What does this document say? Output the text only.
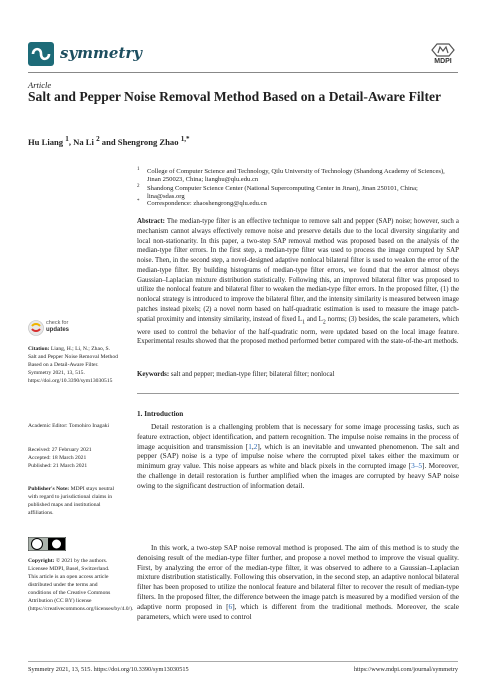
symmetry	MDPI
Article
Salt and Pepper Noise Removal Method Based on a Detail-Aware Filter
Hu Liang $^1$, Na Li $^2$ and Shengrong Zhao $^{1,*}$
1	College of Computer Science and Technology, Qilu University of Technology (Shandong Academy of Sciences), Jinan 250023, China; lianghu@qlu.edu.cn
2	Shandong Computer Science Center (National Supercomputing Center in Jinan), Jinan 250101, China; lina@sdas.org
*	Correspondence: zhaoshengrong@qlu.edu.cn
Abstract: The median-type filter is an effective technique to remove salt and pepper (SAP) noise; however, such a mechanism cannot always effectively remove noise and preserve details due to the local diversity singularity and local non-stationarity. In this paper, a two-step SAP removal method was proposed based on the analysis of the median-type filter errors. In the first step, a median-type filter was used to process the image corrupted by SAP noise. Then, in the second step, a novel-designed adaptive nonlocal bilateral filter is used to weaken the error of the median-type filter. By building histograms of median-type filter errors, we found that the error almost obeys Gaussian–Laplacian mixture distribution statistically. Following this, an improved bilateral filter was proposed to utilize the nonlocal feature and bilateral filter to weaken the median-type filter errors. In the proposed filter, (1) the nonlocal strategy is introduced to improve the bilateral filter, and the intensity similarity is measured between image patches instead pixels; (2) a novel norm based on half-quadratic estimation is used to measure the image patch- spatial proximity and intensity similarity, instead of fixed $L_1$ and $L_2$ norms; (3) besides, the scale parameters, which were used to control the behavior of the half-quadratic norm, were updated based on the local image feature. Experimental results showed that the proposed method performed better compared with the state-of-the-art methods.
Keywords: salt and pepper; median-type filter; bilateral filter; nonlocal
1. Introduction
Detail restoration is a challenging problem that is necessary for some image processing tasks, such as feature extraction, object identification, and pattern recognition. The impulse noise remains in the process of image acquisition and transmission [1,2], which is an inevitable and unwanted phenomenon. The salt and pepper (SAP) noise is a type of impulse noise where the corrupted pixel takes either the maximum or minimum gray value. This noise appears as white and black pixels in the corrupted image [3–5]. Moreover, the challenge in detail restoration is further amplified when the images are corrupted by heavy SAP noise owing to the significant destruction of information detail.
In this work, a two-step SAP noise removal method is proposed. The aim of this method is to study the denoising result of the median-type filter further, and propose a novel method to improve the visual quality. First, by analyzing the error of the median-type filter, it was observed to adhere to a Gaussian–Laplacian mixture distribution statistically. Following this observation, in the second step, an adaptive nonlocal bilateral filter has been proposed to utilize the nonlocal feature and bilateral filter to recover the result of median-type filters. In the proposed filter, the difference between the image patch is measured by a modified version of the adaptive norm proposed in [6], which is different from the traditional methods. Moreover, the scale parameters, which were used to control
check for
updates
Citation: Liang, H.; Li, N.; Zhao, S. Salt and Pepper Noise Removal Method Based on a Detail-Aware Filter. Symmetry 2021, 13, 515. https://doi.org/10.3390/sym13030515
Academic Editor: Tomohiro Inagaki
Received: 27 February 2021
Accepted: 18 March 2021
Published: 21 March 2021
Publisher's Note: MDPI stays neutral with regard to jurisdictional claims in published maps and institutional affiliations.
Copyright: © 2021 by the authors. Licensee MDPI, Basel, Switzerland. This article is an open access article distributed under the terms and conditions of the Creative Commons Attribution (CC BY) license (https://creativecommons.org/licenses/by/4.0/).
Symmetry 2021, 13, 515. https://doi.org/10.3390/sym13030515	https://www.mdpi.com/journal/symmetry
